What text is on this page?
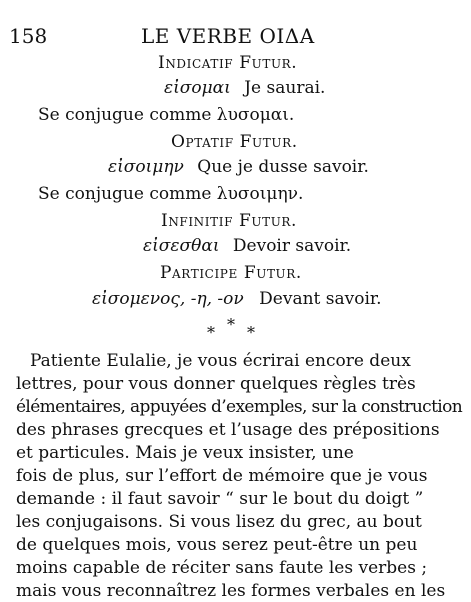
158	LE VERBE ΟΙΔΑ
Indicatif Futur.
εἰσομαι Je saurai.
Se conjugue comme λυσομαι.
Optatif Futur.
εἰσοιμην Que je dusse savoir.
Se conjugue comme λυσοιμην.
Infinitif Futur.
εἰσεσθαι Devoir savoir.
Participe Futur.
εἰσομενος, -η, -ον Devant savoir.
* * *
Patiente Eulalie, je vous écrirai encore deux
lettres, pour vous donner quelques règles très
élémentaires, appuyées d’exemples, sur la construction
des phrases grecques et l’usage des prépositions
et particules. Mais je veux insister, une
fois de plus, sur l’effort de mémoire que je vous
demande : il faut savoir “ sur le bout du doigt ”
les conjugaisons. Si vous lisez du grec, au bout
de quelques mois, vous serez peut-être un peu
moins capable de réciter sans faute les verbes ;
mais vous reconnaîtrez les formes verbales en les
